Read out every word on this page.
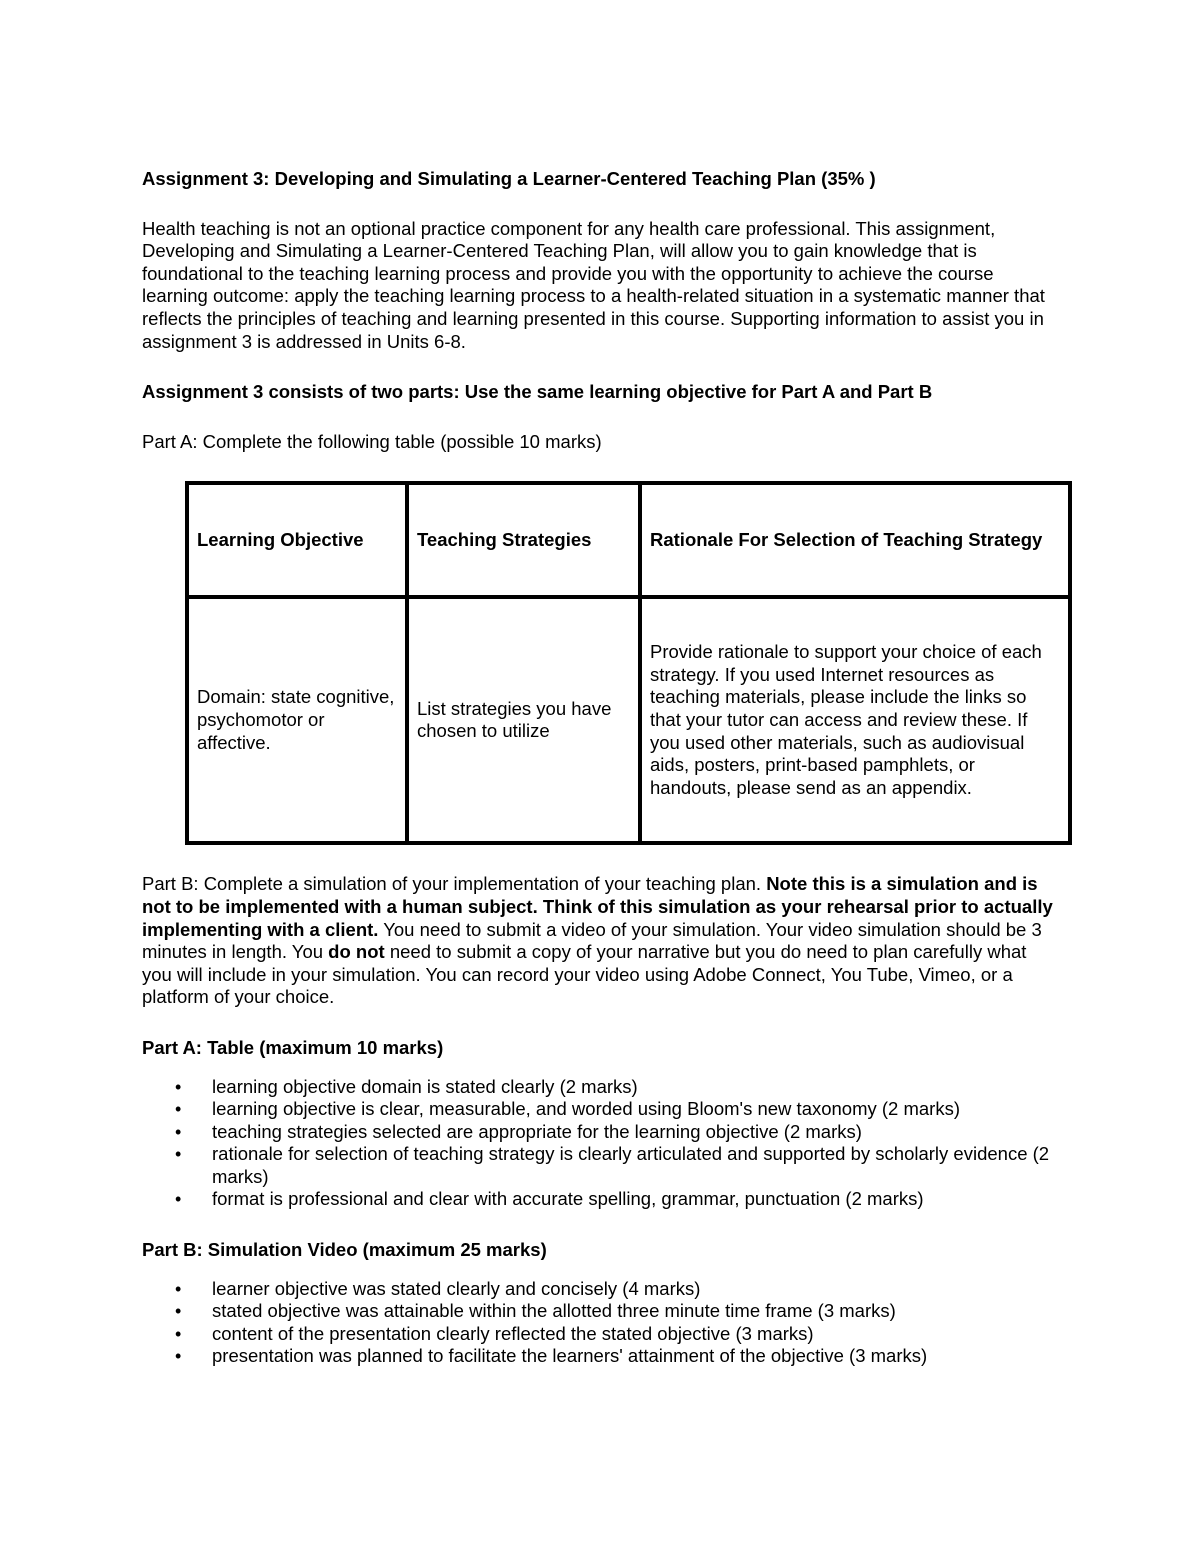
Assignment 3: Developing and Simulating a Learner-Centered Teaching Plan (35% )

Health teaching is not an optional practice component for any health care professional. This assignment, Developing and Simulating a Learner-Centered Teaching Plan, will allow you to gain knowledge that is foundational to the teaching learning process and provide you with the opportunity to achieve the course learning outcome: apply the teaching learning process to a health-related situation in a systematic manner that reflects the principles of teaching and learning presented in this course. Supporting information to assist you in assignment 3 is addressed in Units 6-8.

Assignment 3 consists of two parts: Use the same learning objective for Part A and Part B

Part A: Complete the following table (possible 10 marks)

Learning Objective	Teaching Strategies	Rationale For Selection of Teaching Strategy
Domain: state cognitive, psychomotor or affective.	List strategies you have chosen to utilize	Provide rationale to support your choice of each strategy. If you used Internet resources as teaching materials, please include the links so that your tutor can access and review these. If you used other materials, such as audiovisual aids, posters, print-based pamphlets, or handouts, please send as an appendix.

Part B: Complete a simulation of your implementation of your teaching plan. Note this is a simulation and is not to be implemented with a human subject. Think of this simulation as your rehearsal prior to actually implementing with a client. You need to submit a video of your simulation. Your video simulation should be 3 minutes in length. You do not need to submit a copy of your narrative but you do need to plan carefully what you will include in your simulation. You can record your video using Adobe Connect, You Tube, Vimeo, or a platform of your choice.

Part A: Table (maximum 10 marks)

• learning objective domain is stated clearly (2 marks)
• learning objective is clear, measurable, and worded using Bloom's new taxonomy (2 marks)
• teaching strategies selected are appropriate for the learning objective (2 marks)
• rationale for selection of teaching strategy is clearly articulated and supported by scholarly evidence (2 marks)
• format is professional and clear with accurate spelling, grammar, punctuation (2 marks)

Part B: Simulation Video (maximum 25 marks)

• learner objective was stated clearly and concisely (4 marks)
• stated objective was attainable within the allotted three minute time frame (3 marks)
• content of the presentation clearly reflected the stated objective (3 marks)
• presentation was planned to facilitate the learners' attainment of the objective (3 marks)
